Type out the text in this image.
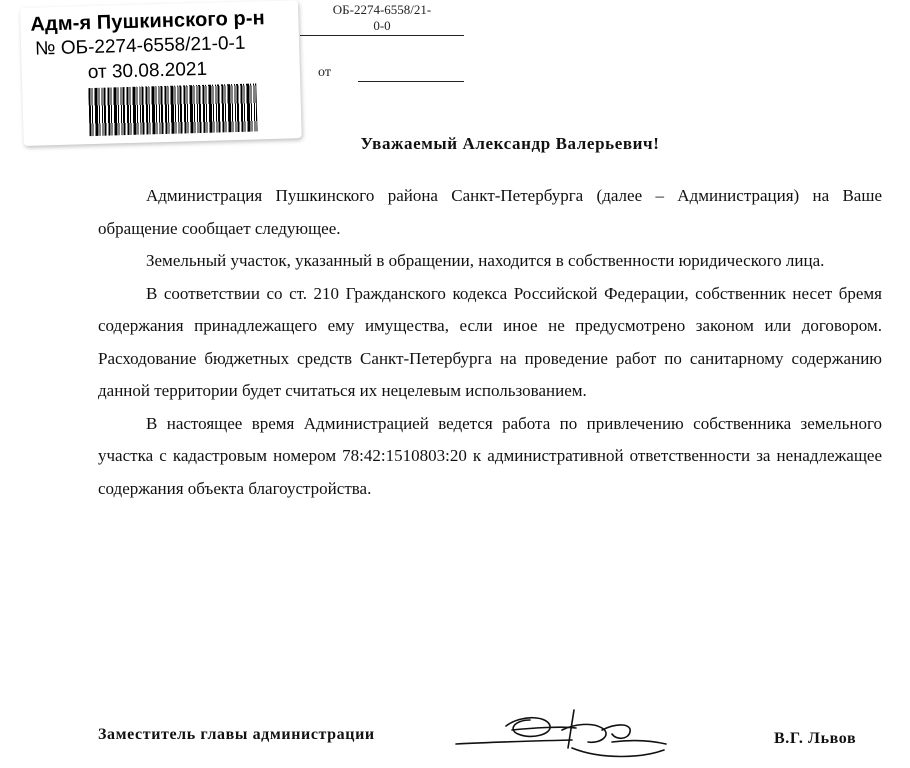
Адм-я Пушкинского р-н
№ ОБ-2274-6558/21-0-1
от 30.08.2021
ОБ-2274-6558/21-
0-0
от
Уважаемый Александр Валерьевич!

Администрация Пушкинского района Санкт-Петербурга (далее – Администрация) на Ваше обращение сообщает следующее.

Земельный участок, указанный в обращении, находится в собственности юридического лица.

В соответствии со ст. 210 Гражданского кодекса Российской Федерации, собственник несет бремя содержания принадлежащего ему имущества, если иное не предусмотрено законом или договором. Расходование бюджетных средств Санкт-Петербурга на проведение работ по санитарному содержанию данной территории будет считаться их нецелевым использованием.

В настоящее время Администрацией ведется работа по привлечению собственника земельного участка с кадастровым номером 78:42:1510803:20 к административной ответственности за ненадлежащее содержания объекта благоустройства.

Заместитель главы администрации	В.Г. Львов
